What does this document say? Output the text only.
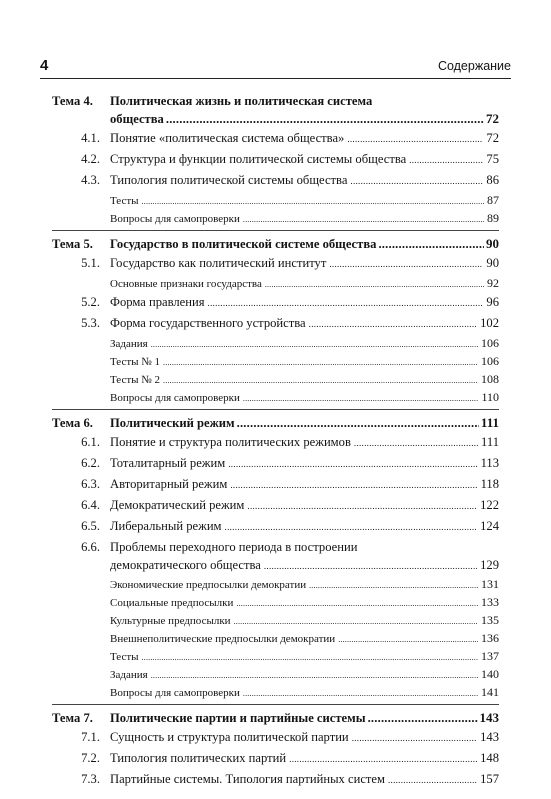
4	Содержание
Тема 4.	Политическая жизнь и политическая система
общества .....	72
4.1. Понятие «политическая система общества» .....	72
4.2. Структура и функции политической системы общества .....	75
4.3. Типология политической системы общества .....	86
Тесты .....	87
Вопросы для самопроверки .....	89
Тема 5.	Государство в политической системе общества .....	90
5.1. Государство как политический институт .....	90
Основные признаки государства .....	92
5.2. Форма правления .....	96
5.3. Форма государственного устройства .....	102
Задания .....	106
Тесты № 1 .....	106
Тесты № 2 .....	108
Вопросы для самопроверки .....	110
Тема 6.	Политический режим .....	111
6.1. Понятие и структура политических режимов .....	111
6.2. Тоталитарный режим .....	113
6.3. Авторитарный режим .....	118
6.4. Демократический режим .....	122
6.5. Либеральный режим .....	124
6.6. Проблемы переходного периода в построении
демократического общества .....	129
Экономические предпосылки демократии .....	131
Социальные предпосылки .....	133
Культурные предпосылки .....	135
Внешнеполитические предпосылки демократии .....	136
Тесты .....	137
Задания .....	140
Вопросы для самопроверки .....	141
Тема 7.	Политические партии и партийные системы .....	143
7.1. Сущность и структура политической партии .....	143
7.2. Типология политических партий .....	148
7.3. Партийные системы. Типология партийных систем .....	157
